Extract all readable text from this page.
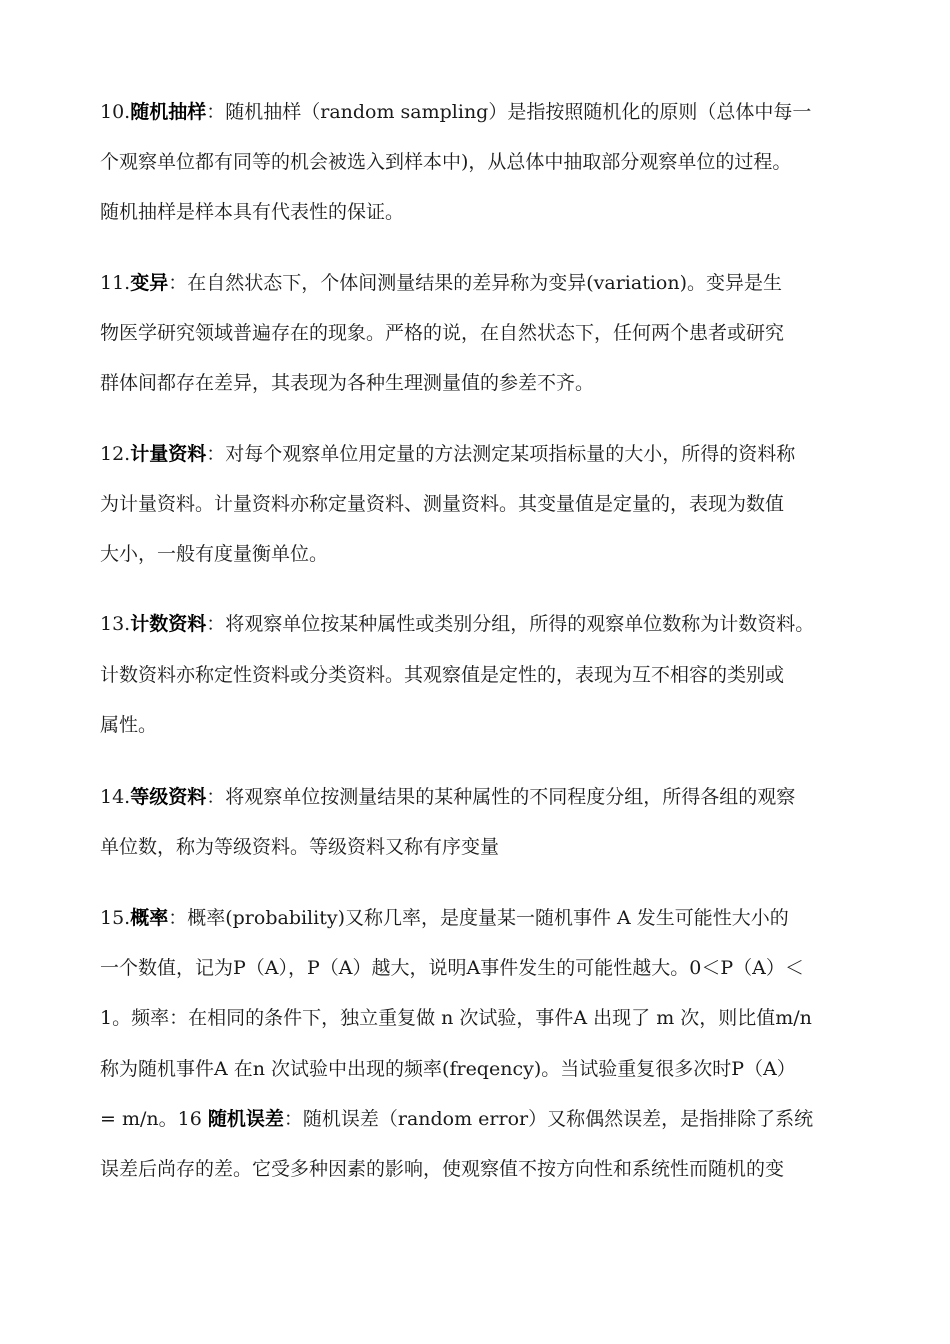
10.随机抽样：随机抽样（random sampling）是指按照随机化的原则（总体中每一
个观察单位都有同等的机会被选入到样本中)，从总体中抽取部分观察单位的过程。
随机抽样是样本具有代表性的保证。
11.变异：在自然状态下，个体间测量结果的差异称为变异(variation)。变异是生
物医学研究领域普遍存在的现象。严格的说，在自然状态下，任何两个患者或研究
群体间都存在差异，其表现为各种生理测量值的参差不齐。
12.计量资料：对每个观察单位用定量的方法测定某项指标量的大小，所得的资料称
为计量资料。计量资料亦称定量资料、测量资料。其变量值是定量的，表现为数值
大小，一般有度量衡单位。
13.计数资料：将观察单位按某种属性或类别分组，所得的观察单位数称为计数资料。
计数资料亦称定性资料或分类资料。其观察值是定性的，表现为互不相容的类别或
属性。
14.等级资料：将观察单位按测量结果的某种属性的不同程度分组，所得各组的观察
单位数，称为等级资料。等级资料又称有序变量
15.概率：概率(probability)又称几率，是度量某一随机事件 A 发生可能性大小的
一个数值，记为P（A），P（A）越大，说明A事件发生的可能性越大。0＜P（A）＜
1。频率：在相同的条件下，独立重复做 n 次试验，事件A 出现了 m 次，则比值m/n
称为随机事件A 在n 次试验中出现的频率(freqency)。当试验重复很多次时P（A）
= m/n。16 随机误差：随机误差（random error）又称偶然误差，是指排除了系统
误差后尚存的差。它受多种因素的影响，使观察值不按方向性和系统性而随机的变
